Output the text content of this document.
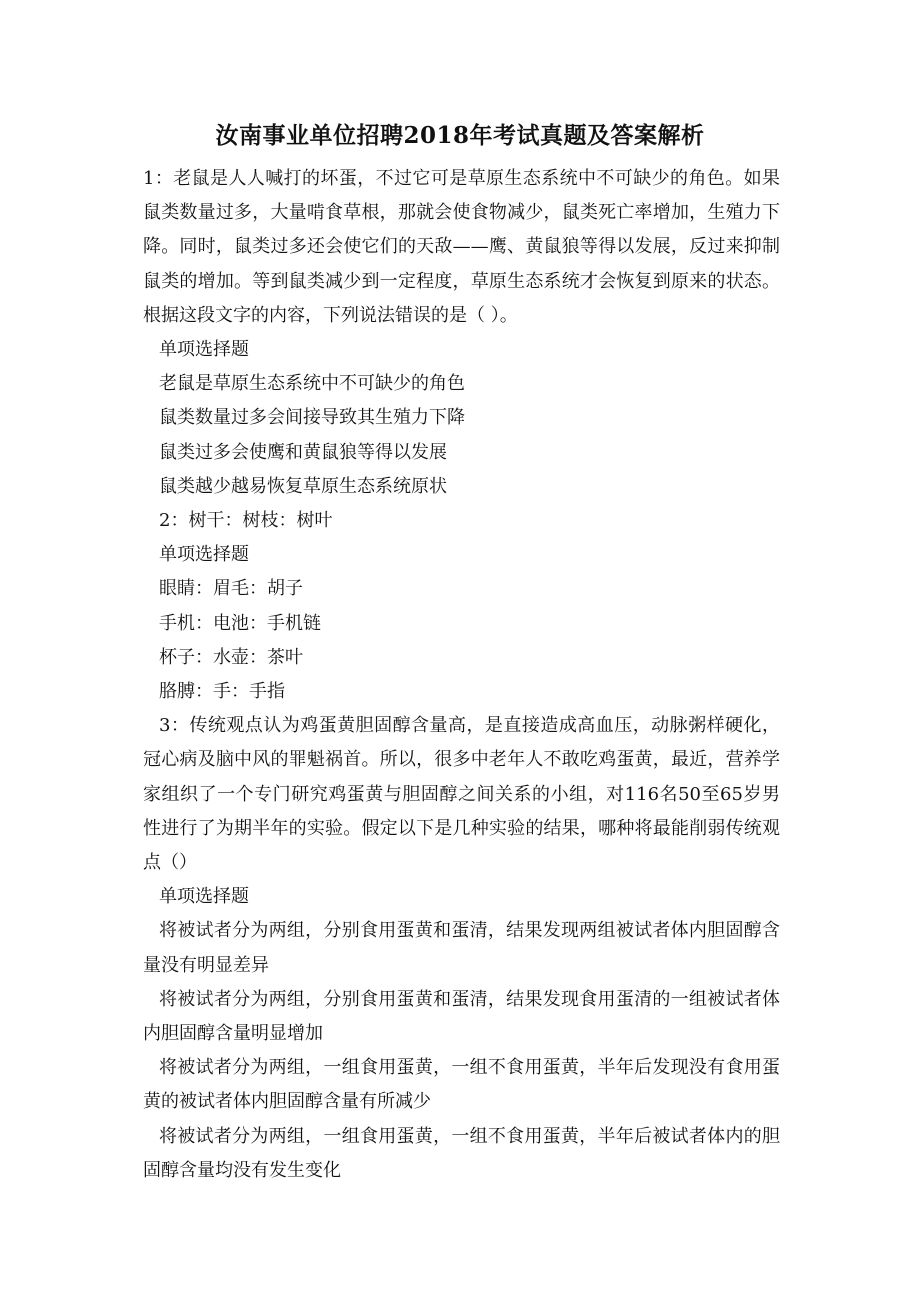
汝南事业单位招聘2018年考试真题及答案解析

1：老鼠是人人喊打的坏蛋，不过它可是草原生态系统中不可缺少的角色。如果鼠类数量过多，大量啃食草根，那就会使食物减少，鼠类死亡率增加，生殖力下降。同时，鼠类过多还会使它们的天敌——鹰、黄鼠狼等得以发展，反过来抑制鼠类的增加。等到鼠类减少到一定程度，草原生态系统才会恢复到原来的状态。根据这段文字的内容，下列说法错误的是（ ）。

单项选择题

老鼠是草原生态系统中不可缺少的角色

鼠类数量过多会间接导致其生殖力下降

鼠类过多会使鹰和黄鼠狼等得以发展

鼠类越少越易恢复草原生态系统原状

2：树干：树枝：树叶

单项选择题

眼睛：眉毛：胡子

手机：电池：手机链

杯子：水壶：茶叶

胳膊：手：手指

3：传统观点认为鸡蛋黄胆固醇含量高，是直接造成高血压，动脉粥样硬化，冠心病及脑中风的罪魁祸首。所以，很多中老年人不敢吃鸡蛋黄，最近，营养学家组织了一个专门研究鸡蛋黄与胆固醇之间关系的小组，对116名50至65岁男性进行了为期半年的实验。假定以下是几种实验的结果，哪种将最能削弱传统观点（）

单项选择题

将被试者分为两组，分别食用蛋黄和蛋清，结果发现两组被试者体内胆固醇含量没有明显差异

将被试者分为两组，分别食用蛋黄和蛋清，结果发现食用蛋清的一组被试者体内胆固醇含量明显增加

将被试者分为两组，一组食用蛋黄，一组不食用蛋黄，半年后发现没有食用蛋黄的被试者体内胆固醇含量有所减少

将被试者分为两组，一组食用蛋黄，一组不食用蛋黄，半年后被试者体内的胆固醇含量均没有发生变化
